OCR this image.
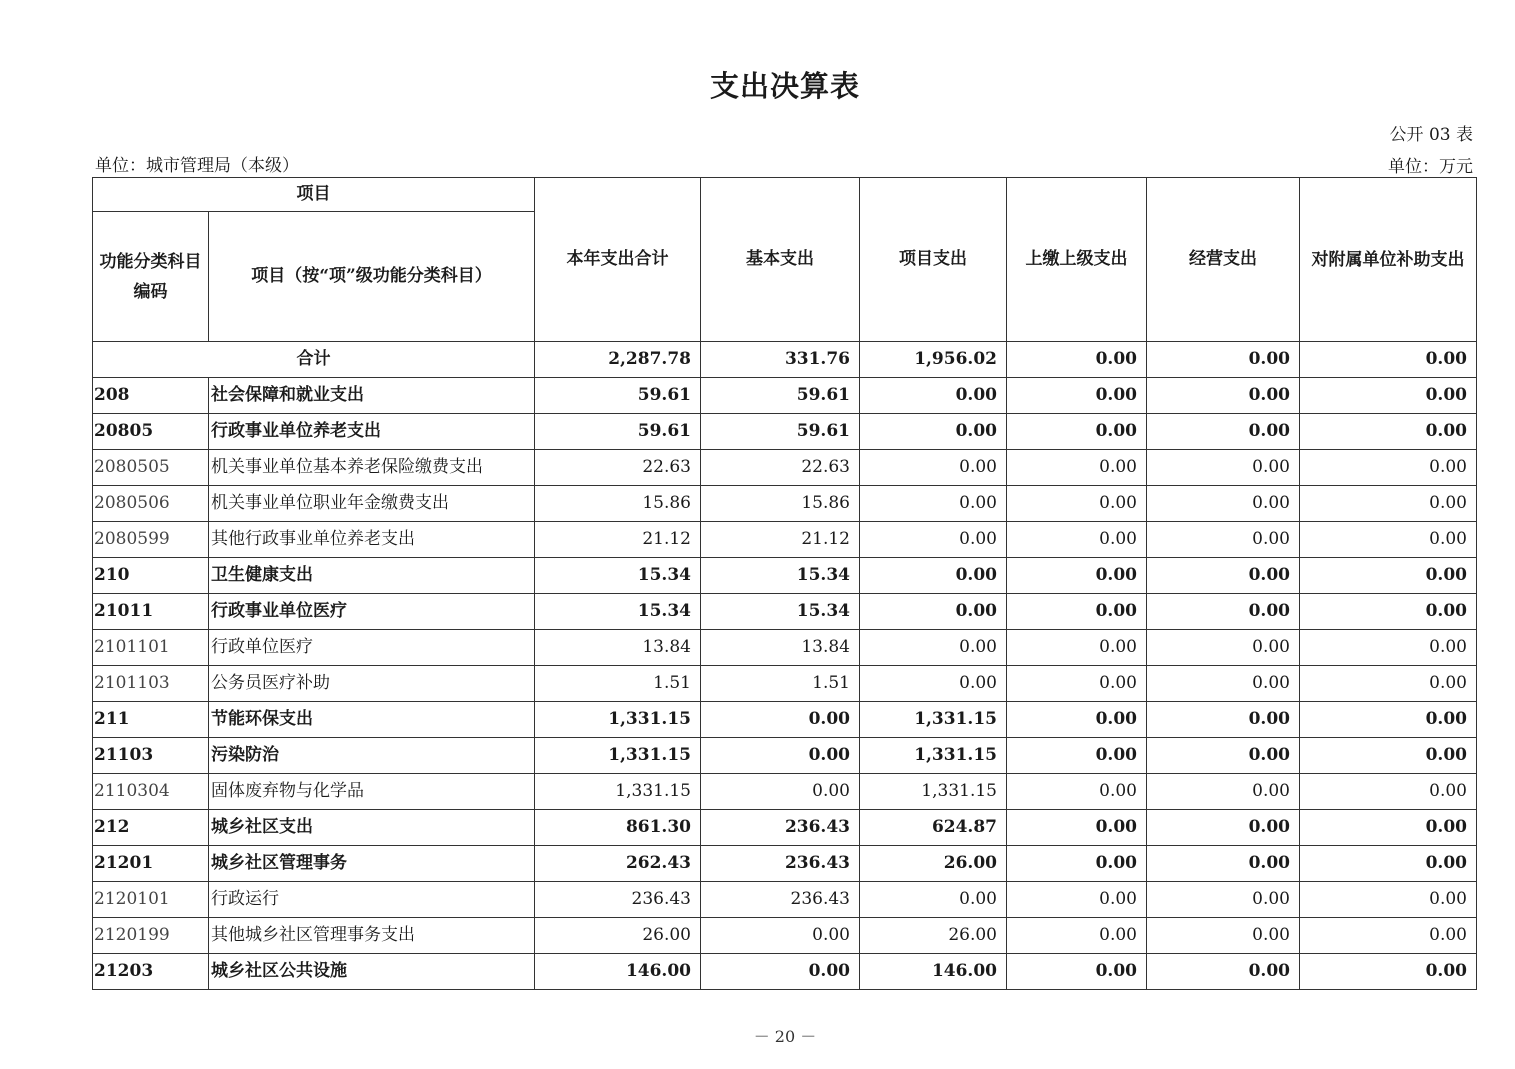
支出决算表
公开 03 表
单位：城市管理局（本级）	单位：万元
项目		本年支出合计	基本支出	项目支出	上缴上级支出	经营支出	对附属单位补助支出
功能分类科目编码	项目（按“项”级功能分类科目）						
合计		2,287.78	331.76	1,956.02	0.00	0.00	0.00
208	社会保障和就业支出	59.61	59.61	0.00	0.00	0.00	0.00
20805	行政事业单位养老支出	59.61	59.61	0.00	0.00	0.00	0.00
2080505	机关事业单位基本养老保险缴费支出	22.63	22.63	0.00	0.00	0.00	0.00
2080506	机关事业单位职业年金缴费支出	15.86	15.86	0.00	0.00	0.00	0.00
2080599	其他行政事业单位养老支出	21.12	21.12	0.00	0.00	0.00	0.00
210	卫生健康支出	15.34	15.34	0.00	0.00	0.00	0.00
21011	行政事业单位医疗	15.34	15.34	0.00	0.00	0.00	0.00
2101101	行政单位医疗	13.84	13.84	0.00	0.00	0.00	0.00
2101103	公务员医疗补助	1.51	1.51	0.00	0.00	0.00	0.00
211	节能环保支出	1,331.15	0.00	1,331.15	0.00	0.00	0.00
21103	污染防治	1,331.15	0.00	1,331.15	0.00	0.00	0.00
2110304	固体废弃物与化学品	1,331.15	0.00	1,331.15	0.00	0.00	0.00
212	城乡社区支出	861.30	236.43	624.87	0.00	0.00	0.00
21201	城乡社区管理事务	262.43	236.43	26.00	0.00	0.00	0.00
2120101	行政运行	236.43	236.43	0.00	0.00	0.00	0.00
2120199	其他城乡社区管理事务支出	26.00	0.00	26.00	0.00	0.00	0.00
21203	城乡社区公共设施	146.00	0.00	146.00	0.00	0.00	0.00
－ 20 －
